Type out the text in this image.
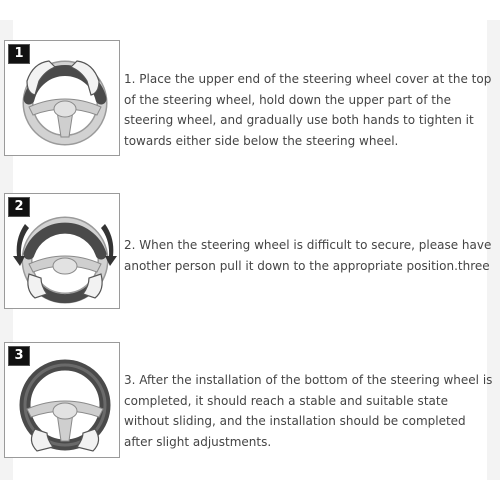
1
1. Place the upper end of the steering wheel cover at the top of the steering wheel, hold down the upper part of the steering wheel, and gradually use both hands to tighten it towards either side below the steering wheel.
2
2. When the steering wheel is difficult to secure, please have another person pull it down to the appropriate position.three
3
3. After the installation of the bottom of the steering wheel is completed, it should reach a stable and suitable state without sliding, and the installation should be completed after slight adjustments.
